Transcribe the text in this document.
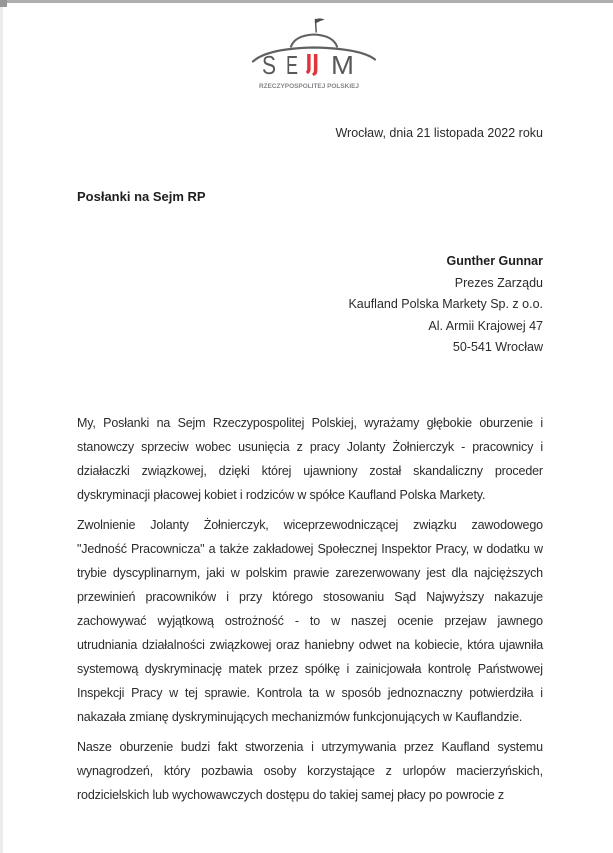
S E M
RZECZYPOSPOLITEJ POLSKIEJ
Wrocław, dnia 21 listopada 2022 roku
Posłanki na Sejm RP
Gunther Gunnar
Prezes Zarządu
Kaufland Polska Markety Sp. z o.o.
Al. Armii Krajowej 47
50-541 Wrocław
My, Posłanki na Sejm Rzeczypospolitej Polskiej, wyrażamy głębokie oburzenie i
stanowczy sprzeciw wobec usunięcia z pracy Jolanty Żołnierczyk - pracownicy i
działaczki związkowej, dzięki której ujawniony został skandaliczny proceder
dyskryminacji płacowej kobiet i rodziców w spółce Kaufland Polska Markety.
Zwolnienie Jolanty Żołnierczyk, wiceprzewodniczącej związku zawodowego
"Jedność Pracownicza" a także zakładowej Społecznej Inspektor Pracy, w dodatku w
trybie dyscyplinarnym, jaki w polskim prawie zarezerwowany jest dla najcięższych
przewinień pracowników i przy którego stosowaniu Sąd Najwyższy nakazuje
zachowywać wyjątkową ostrożność - to w naszej ocenie przejaw jawnego
utrudniania działalności związkowej oraz haniebny odwet na kobiecie, która ujawniła
systemową dyskryminację matek przez spółkę i zainicjowała kontrolę Państwowej
Inspekcji Pracy w tej sprawie. Kontrola ta w sposób jednoznaczny potwierdziła i
nakazała zmianę dyskryminujących mechanizmów funkcjonujących w Kauflandzie.
Nasze oburzenie budzi fakt stworzenia i utrzymywania przez Kaufland systemu
wynagrodzeń, który pozbawia osoby korzystające z urlopów macierzyńskich,
rodzicielskich lub wychowawczych dostępu do takiej samej płacy po powrocie z
